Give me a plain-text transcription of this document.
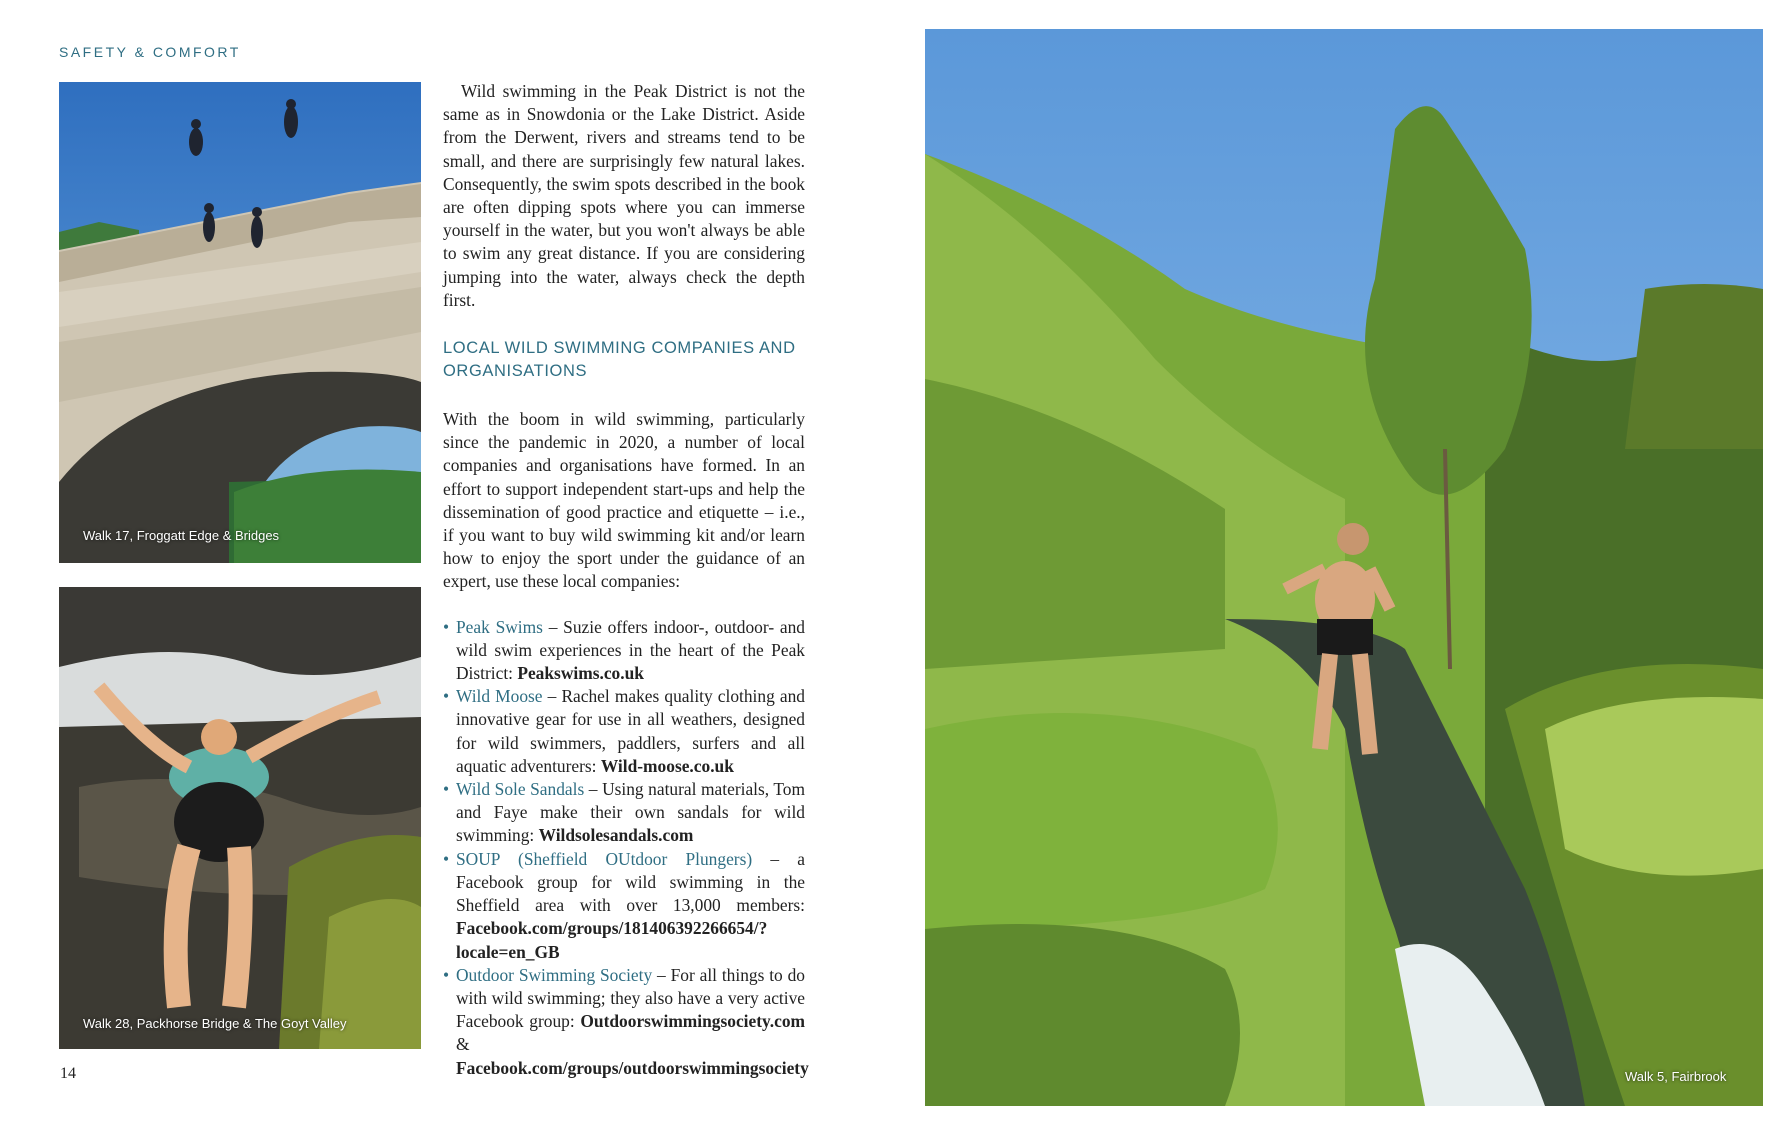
SAFETY & COMFORT
Walk 17, Froggatt Edge & Bridges
Walk 28, Packhorse Bridge & The Goyt Valley
Walk 5, Fairbrook

Wild swimming in the Peak District is not the same as in Snowdonia or the Lake District. Aside from the Derwent, rivers and streams tend to be small, and there are surprisingly few natural lakes. Consequently, the swim spots described in the book are often dipping spots where you can immerse yourself in the water, but you won't always be able to swim any great distance. If you are considering jumping into the water, always check the depth first.

LOCAL WILD SWIMMING COMPANIES AND ORGANISATIONS

With the boom in wild swimming, particularly since the pandemic in 2020, a number of local companies and organisations have formed. In an effort to support independent start-ups and help the dissemination of good practice and etiquette – i.e., if you want to buy wild swimming kit and/or learn how to enjoy the sport under the guidance of an expert, use these local companies:

• Peak Swims – Suzie offers indoor-, outdoor- and wild swim experiences in the heart of the Peak District: Peakswims.co.uk
• Wild Moose – Rachel makes quality clothing and innovative gear for use in all weathers, designed for wild swimmers, paddlers, surfers and all aquatic adventurers: Wild-moose.co.uk
• Wild Sole Sandals – Using natural materials, Tom and Faye make their own sandals for wild swimming: Wildsolesandals.com
• SOUP (Sheffield OUtdoor Plungers) – a Facebook group for wild swimming in the Sheffield area with over 13,000 members: Facebook.com/groups/181406392266654/?locale=en_GB
• Outdoor Swimming Society – For all things to do with wild swimming; they also have a very active Facebook group: Outdoorswimmingsociety.com & Facebook.com/groups/outdoorswimmingsociety
14
